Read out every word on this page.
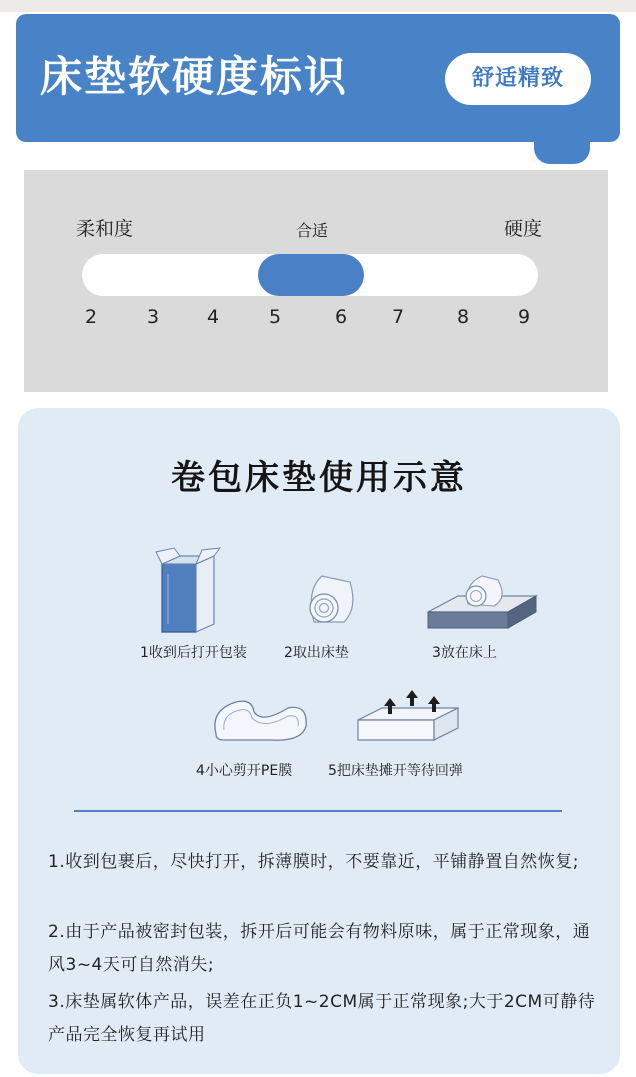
床垫软硬度标识	舒适精致
柔和度	合适	硬度
2	3	4	5	6	7	8	9
卷包床垫使用示意
1收到后打开包装	2取出床垫	3放在床上
4小心剪开PE膜	5把床垫摊开等待回弹
1.收到包裹后，尽快打开，拆薄膜时，不要靠近，平铺静置自然恢复;
2.由于产品被密封包装，拆开后可能会有物料原味，属于正常现象，通风3~4天可自然消失;
3.床垫属软体产品，误差在正负1~2CM属于正常现象;大于2CM可静待产品完全恢复再试用
